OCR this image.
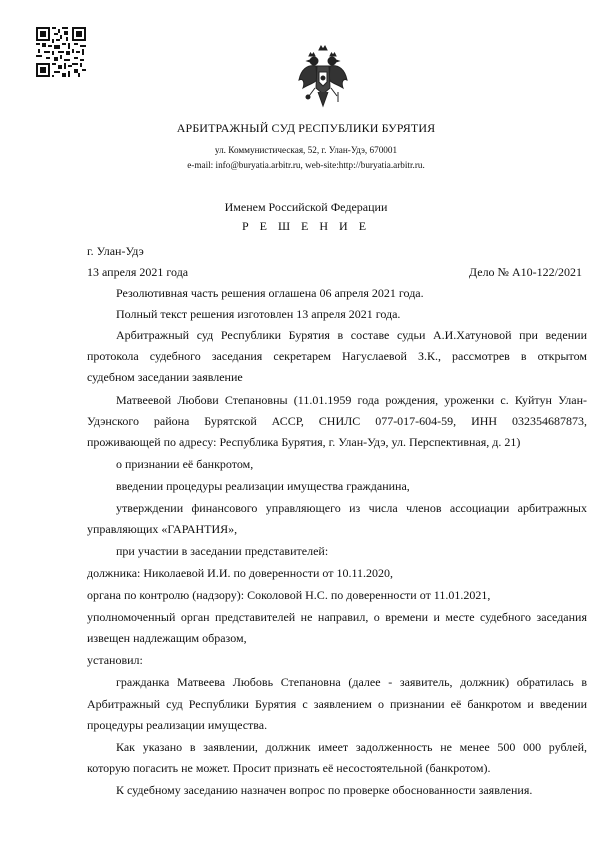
АРБИТРАЖНЫЙ СУД РЕСПУБЛИКИ БУРЯТИЯ
ул. Коммунистическая, 52, г. Улан-Удэ, 670001
e-mail: info@buryatia.arbitr.ru, web-site:http://buryatia.arbitr.ru.
Именем Российской Федерации
Р Е Ш Е Н И Е
г. Улан-Удэ
13 апреля 2021 года	Дело № А10-122/2021
Резолютивная часть решения оглашена 06 апреля 2021 года.
Полный текст решения изготовлен 13 апреля 2021 года.
Арбитражный суд Республики Бурятия в составе судьи А.И.Хатуновой при ведении
протокола судебного заседания секретарем Нагуслаевой З.К., рассмотрев в открытом
судебном заседании заявление
Матвеевой Любови Степановны (11.01.1959 года рождения, уроженки с. Куйтун Улан-
Удэнского района Бурятской АССР, СНИЛС 077-017-604-59, ИНН 032354687873,
проживающей по адресу: Республика Бурятия, г. Улан-Удэ, ул. Перспективная, д. 21)
о признании её банкротом,
введении процедуры реализации имущества гражданина,
утверждении финансового управляющего из числа членов ассоциации арбитражных
управляющих «ГАРАНТИЯ»,
при участии в заседании представителей:
должника: Николаевой И.И. по доверенности от 10.11.2020,
органа по контролю (надзору): Соколовой Н.С. по доверенности от 11.01.2021,
уполномоченный орган представителей не направил, о времени и месте судебного заседания
извещен надлежащим образом,
установил:
гражданка Матвеева Любовь Степановна (далее - заявитель, должник) обратилась в
Арбитражный суд Республики Бурятия с заявлением о признании её банкротом и введении
процедуры реализации имущества.
Как указано в заявлении, должник имеет задолженность не менее 500 000 рублей,
которую погасить не может. Просит признать её несостоятельной (банкротом).
К судебному заседанию назначен вопрос по проверке обоснованности заявления.
